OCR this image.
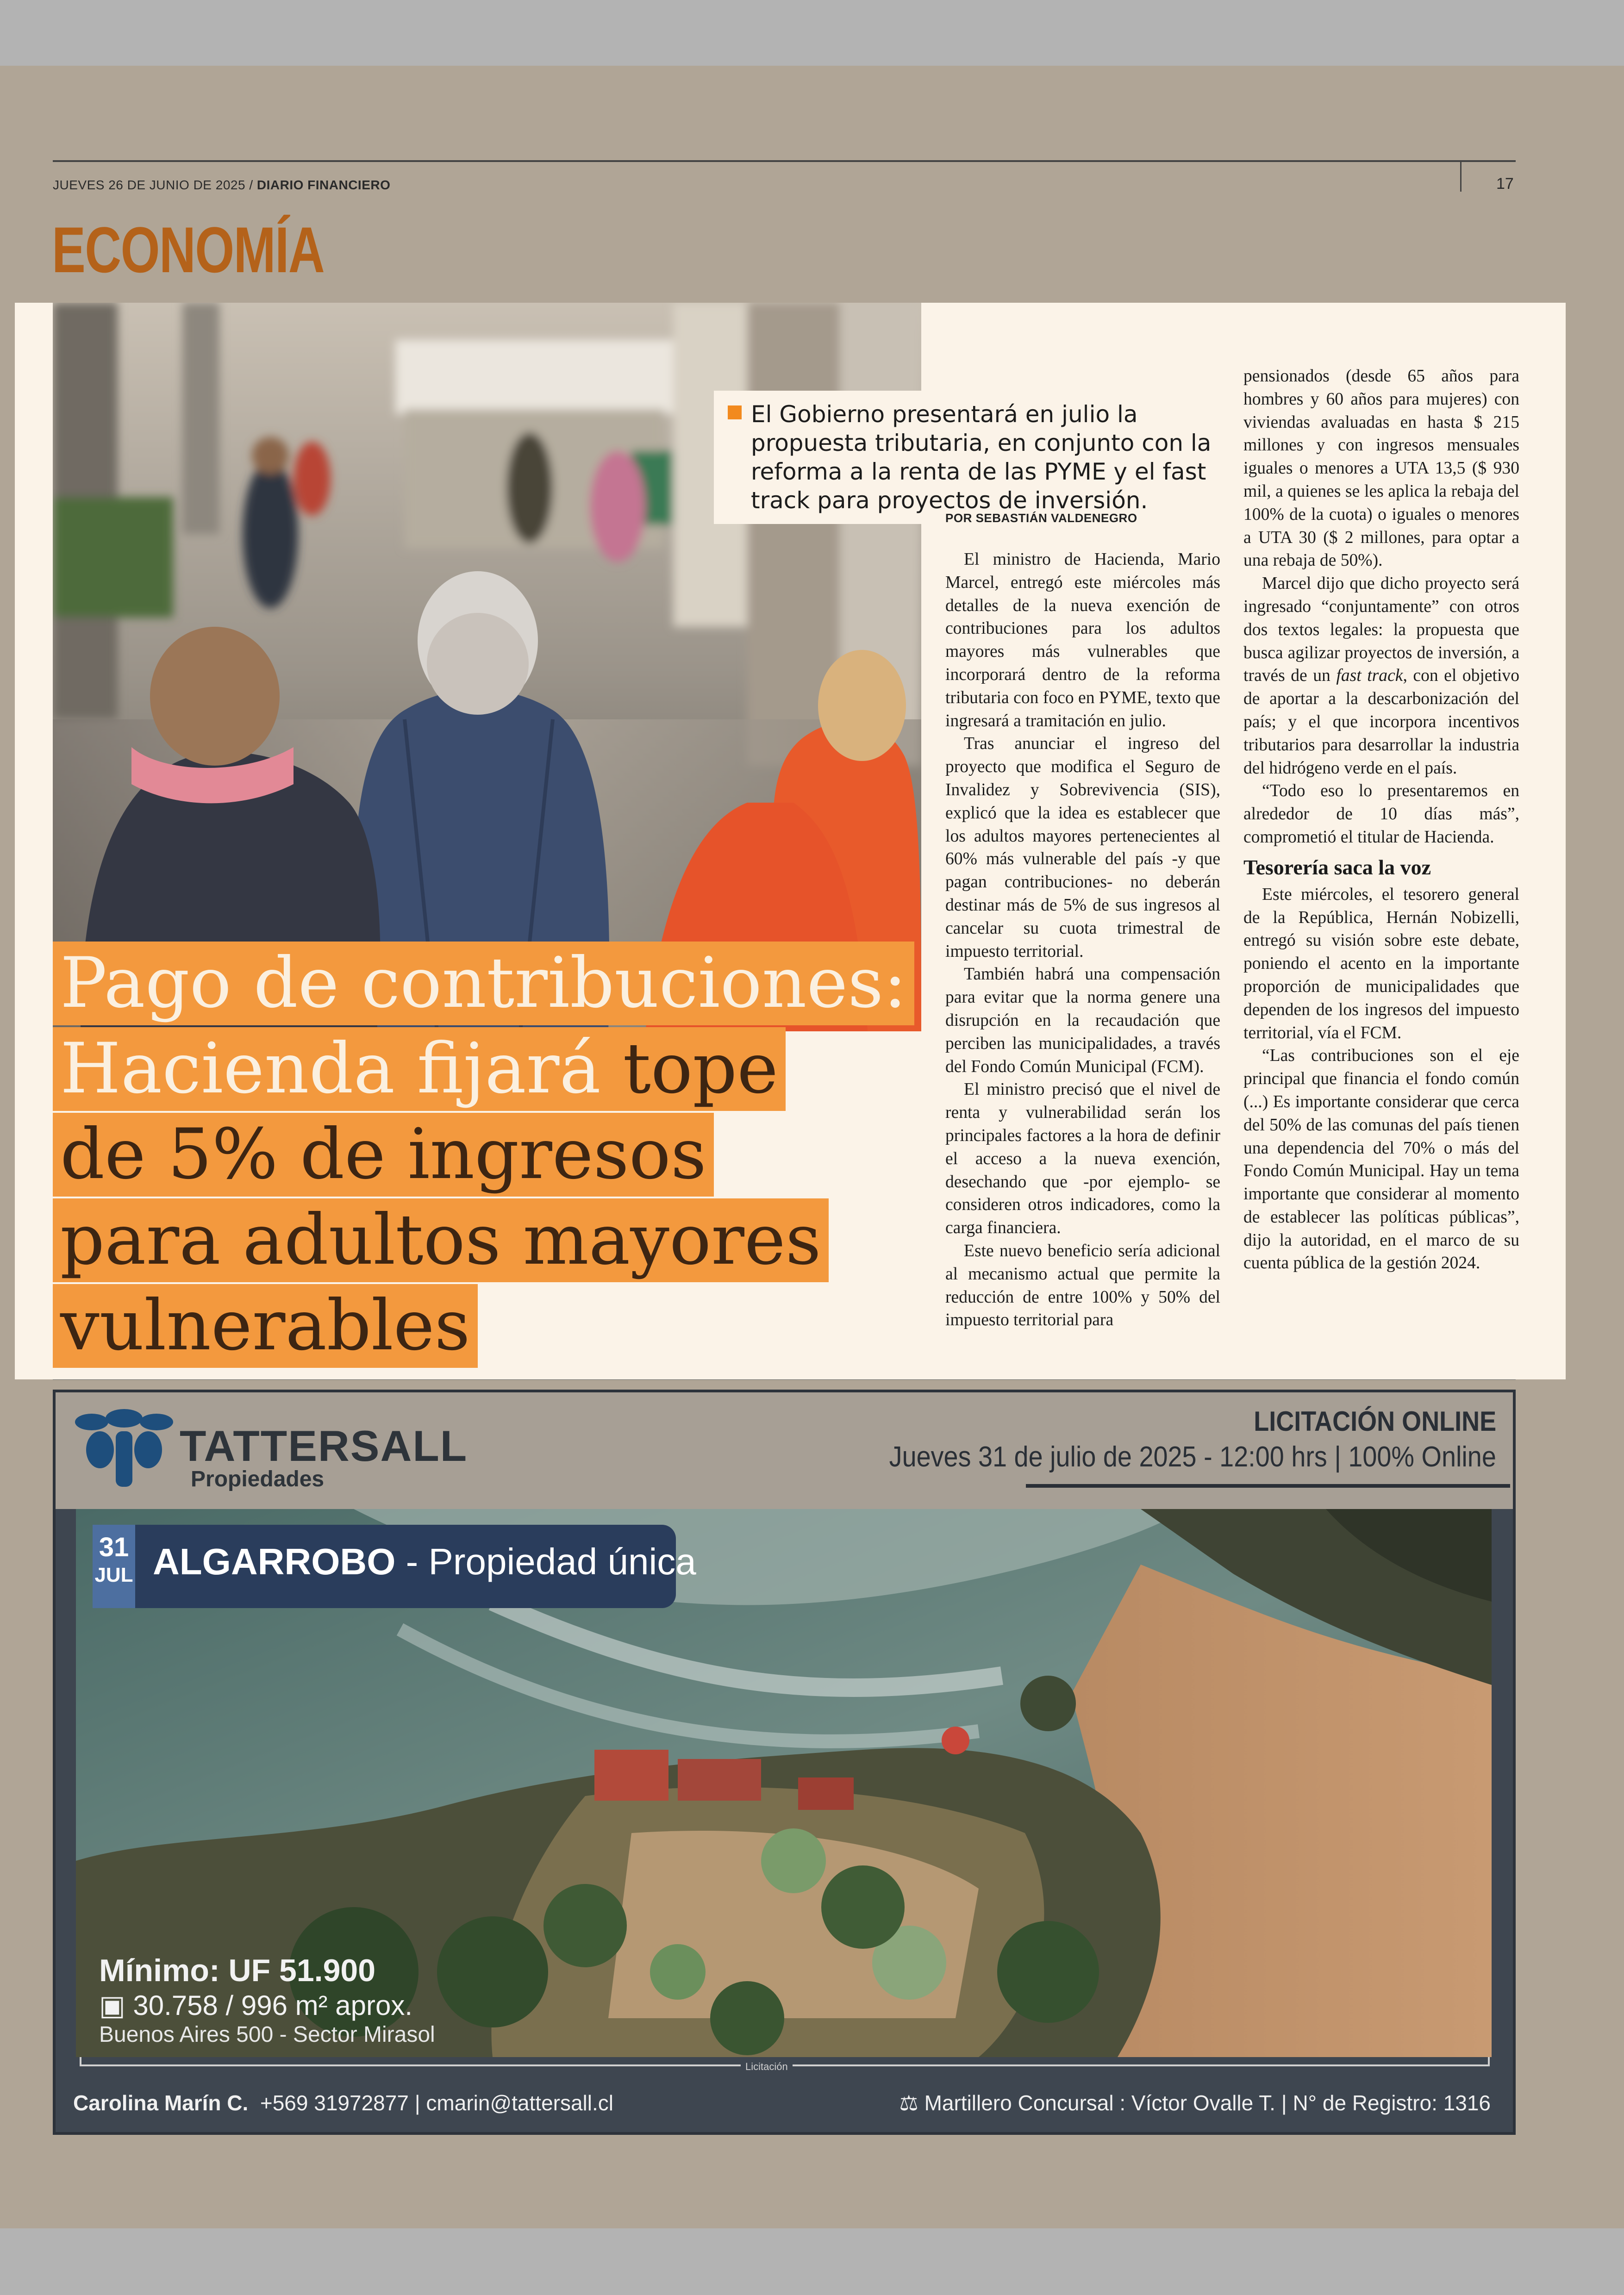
JUEVES 26 DE JUNIO DE 2025 / DIARIO FINANCIERO	17
ECONOMÍA

El Gobierno presentará en julio la propuesta tributaria, en conjunto con la reforma a la renta de las PYME y el fast track para proyectos de inversión.

POR SEBASTIÁN VALDENEGRO

El ministro de Hacienda, Mario Marcel, entregó este miércoles más detalles de la nueva exención de contribuciones para los adultos mayores más vulnerables que incorporará dentro de la reforma tributaria con foco en PYME, texto que ingresará a tramitación en julio.

Tras anunciar el ingreso del proyecto que modifica el Seguro de Invalidez y Sobrevivencia (SIS), explicó que la idea es establecer que los adultos mayores pertenecientes al 60% más vulnerable del país -y que pagan contribuciones- no deberán destinar más de 5% de sus ingresos al cancelar su cuota trimestral de impuesto territorial.

También habrá una compensación para evitar que la norma genere una disrupción en la recaudación que perciben las municipalidades, a través del Fondo Común Municipal (FCM).

El ministro precisó que el nivel de renta y vulnerabilidad serán los principales factores a la hora de definir el acceso a la nueva exención, desechando que -por ejemplo- se consideren otros indicadores, como la carga financiera.

Este nuevo beneficio sería adicional al mecanismo actual que permite la reducción de entre 100% y 50% del impuesto territorial para

pensionados (desde 65 años para hombres y 60 años para mujeres) con viviendas avaluadas en hasta $ 215 millones y con ingresos mensuales iguales o menores a UTA 13,5 ($ 930 mil, a quienes se les aplica la rebaja del 100% de la cuota) o iguales o menores a UTA 30 ($ 2 millones, para optar a una rebaja de 50%).

Marcel dijo que dicho proyecto será ingresado “conjuntamente” con otros dos textos legales: la propuesta que busca agilizar proyectos de inversión, a través de un fast track, con el objetivo de aportar a la descarbonización del país; y el que incorpora incentivos tributarios para desarrollar la industria del hidrógeno verde en el país.

“Todo eso lo presentaremos en alrededor de 10 días más”, comprometió el titular de Hacienda.

Tesorería saca la voz

Este miércoles, el tesorero general de la República, Hernán Nobizelli, entregó su visión sobre este debate, poniendo el acento en la importante proporción de municipalidades que dependen de los ingresos del impuesto territorial, vía el FCM.

“Las contribuciones son el eje principal que financia el fondo común (...) Es importante considerar que cerca del 50% de las comunas del país tienen una dependencia del 70% o más del Fondo Común Municipal. Hay un tema importante que considerar al momento de establecer las políticas públicas”, dijo la autoridad, en el marco de su cuenta pública de la gestión 2024.

Pago de contribuciones:
Hacienda fijará tope
de 5% de ingresos
para adultos mayores
vulnerables
TATTERSALL
Propiedades
LICITACIÓN ONLINE
Jueves 31 de julio de 2025 - 12:00 hrs | 100% Online
31
JUL ALGARROBO - Propiedad única
Mínimo: UF 51.900
▣ 30.758 / 996 m² aprox.
Buenos Aires 500 - Sector Mirasol
Licitación
Carolina Marín C. +569 31972877 | cmarin@tattersall.cl	⚖ Martillero Concursal : Víctor Ovalle T. | N° de Registro: 1316
